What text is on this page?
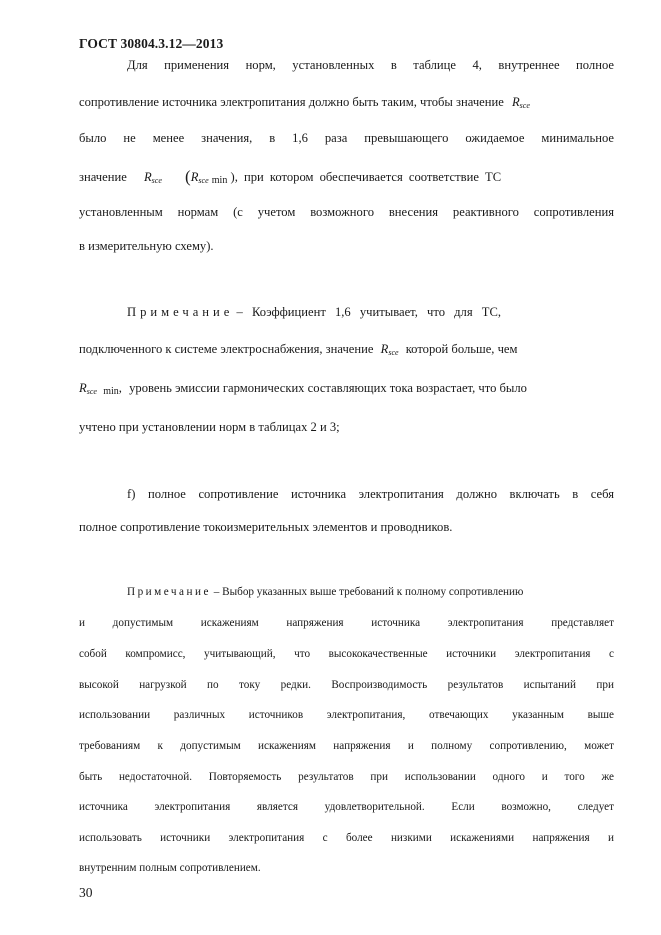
ГОСТ 30804.3.12—2013
Для применения норм, установленных в таблице 4, внутреннее полное
сопротивление источника электропитания должно быть таким, чтобы значение $R_{sce}$
было не менее значения, в 1,6 раза превышающего ожидаемое минимальное
значение $R_{sce}$ ($R_{sce}$ min ), при котором обеспечивается соответствие ТС
установленным нормам (с учетом возможного внесения реактивного сопротивления
в измерительную схему).
Примечание – Коэффициент 1,6 учитывает, что для ТС,
подключенного к системе электроснабжения, значение $R_{sce}$ которой больше, чем
$R_{sce}$ min, уровень эмиссии гармонических составляющих тока возрастает, что было
учтено при установлении норм в таблицах 2 и 3;
f) полное сопротивление источника электропитания должно включать в себя
полное сопротивление токоизмерительных элементов и проводников.
Примечание – Выбор указанных выше требований к полному сопротивлению
и допустимым искажениям напряжения источника электропитания представляет
собой компромисс, учитывающий, что высококачественные источники электропитания с
высокой нагрузкой по току редки. Воспроизводимость результатов испытаний при
использовании различных источников электропитания, отвечающих указанным выше
требованиям к допустимым искажениям напряжения и полному сопротивлению, может
быть недостаточной. Повторяемость результатов при использовании одного и того же
источника электропитания является удовлетворительной. Если возможно, следует
использовать источники электропитания с более низкими искажениями напряжения и
внутренним полным сопротивлением.
30
